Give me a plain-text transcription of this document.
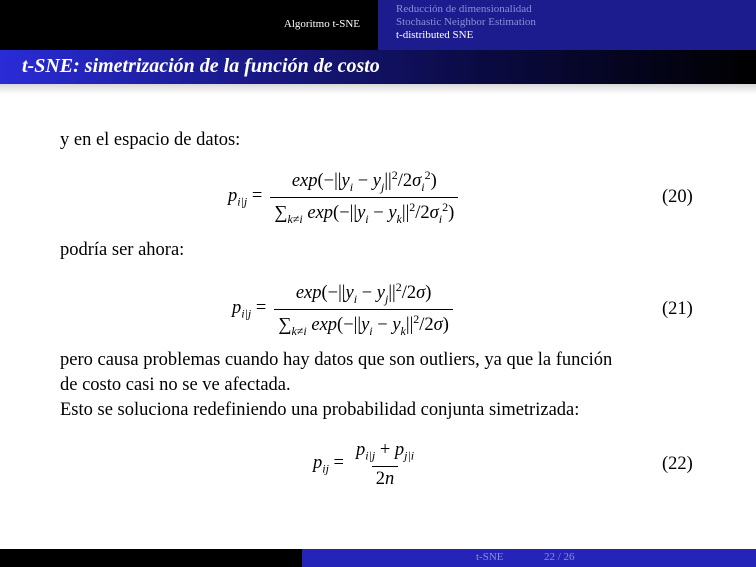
Algoritmo t-SNE
Reducción de dimensionalidad
Stochastic Neighbor Estimation
t-distributed SNE
t-SNE: simetrización de la función de costo

y en el espacio de datos:

$p_{i|j} = \frac{\exp(-||y_i - y_j||^2/2\sigma_i^2)}{\sum_{k\ne i} \exp(-||y_i - y_k||^2/2\sigma_i^2)}$	(20)

podría ser ahora:

$p_{i|j} = \frac{\exp(-||y_i - y_j||^2/2\sigma)}{\sum_{k\ne i} \exp(-||y_i - y_k||^2/2\sigma)}$	(21)

pero causa problemas cuando hay datos que son outliers, ya que la función

de costo casi no se ve afectada.

Esto se soluciona redefiniendo una probabilidad conjunta simetrizada:

$p_{ij} = \frac{p_{i|j} + p_{j|i}}{2n}$	(22)
t-SNE	22 / 26
